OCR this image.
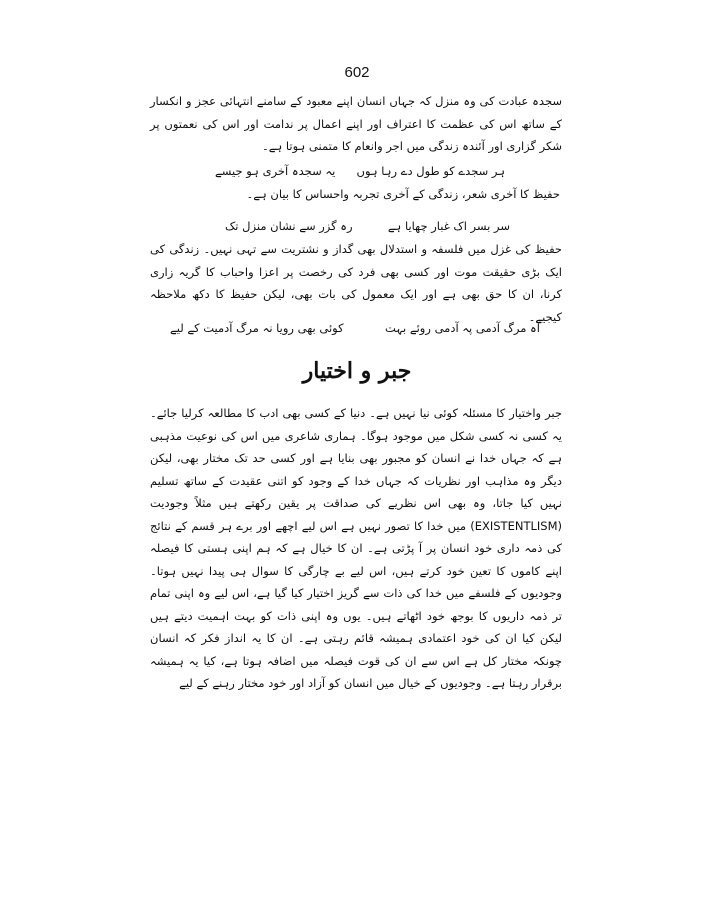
602

سجدہ عبادت کی وہ منزل کہ جہاں انسان اپنے معبود کے سامنے انتہائی عجز و انکسار کے ساتھ اس کی عظمت کا اعتراف اور اپنے اعمال پر ندامت اور اس کی نعمتوں پر شکر گزاری اور آئندہ زندگی میں اجر وانعام کا متمنی ہوتا ہے۔

ہر سجدے کو طول دے رہا ہوں
یہ سجدہ آخری ہو جیسے

حفیظ کا آخری شعر، زندگی کے آخری تجربہ واحساس کا بیان ہے۔

سر بسر اک غبار چھایا ہے
رہ گزر سے نشان منزل تک

حفیظ کی غزل میں فلسفہ و استدلال بھی گداز و نشتریت سے تہی نہیں۔ زندگی کی ایک بڑی حقیقت موت اور کسی بھی فرد کی رخصت پر اعزا واحباب کا گریہ زاری کرنا، ان کا حق بھی ہے اور ایک معمول کی بات بھی، لیکن حفیظ کا دکھ ملاحظہ کیجیے۔

آہ مرگ آدمی پہ آدمی روئے بہت
کوئی بھی رویا نہ مرگ آدمیت کے لیے
جبر و اختیار

جبر واختیار کا مسئلہ کوئی نیا نہیں ہے۔ دنیا کے کسی بھی ادب کا مطالعہ کرلیا جائے۔ یہ کسی نہ کسی شکل میں موجود ہوگا۔ ہماری شاعری میں اس کی نوعیت مذہبی ہے کہ جہاں خدا نے انسان کو مجبور بھی بنایا ہے اور کسی حد تک مختار بھی، لیکن دیگر وہ مذاہب اور نظریات کہ جہاں خدا کے وجود کو اتنی عقیدت کے ساتھ تسلیم نہیں کیا جاتا، وہ بھی اس نظریے کی صداقت پر یقین رکھتے ہیں مثلاً وجودیت (EXISTENTLISM) میں خدا کا تصور نہیں ہے اس لیے اچھے اور برے ہر قسم کے نتائج کی ذمہ داری خود انسان پر آ پڑتی ہے۔ ان کا خیال ہے کہ ہم اپنی ہستی کا فیصلہ اپنے کاموں کا تعین خود کرتے ہیں، اس لیے بے چارگی کا سوال ہی پیدا نہیں ہوتا۔ وجودیوں کے فلسفے میں خدا کی ذات سے گریز اختیار کیا گیا ہے، اس لیے وہ اپنی تمام تر ذمہ داریوں کا بوجھ خود اٹھاتے ہیں۔ یوں وہ اپنی ذات کو بہت اہمیت دیتے ہیں لیکن کیا ان کی خود اعتمادی ہمیشہ قائم رہتی ہے۔ ان کا یہ انداز فکر کہ انسان چونکہ مختار کل ہے اس سے ان کی قوت فیصلہ میں اضافہ ہوتا ہے، کیا یہ ہمیشہ برقرار رہتا ہے۔ وجودیوں کے خیال میں انسان کو آزاد اور خود مختار رہنے کے لیے
